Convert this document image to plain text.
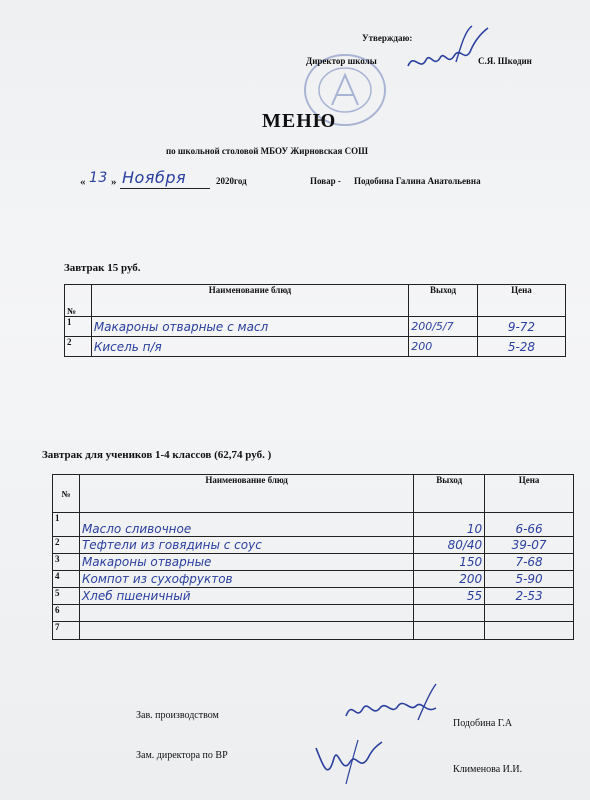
Утверждаю:
Директор школы	С.Я. Шкодин
МЕНЮ
по школьной столовой МБОУ Жирновская СОШ
« 13 » Ноября	2020год	Повар - Подобина Галина Анатольевна
Завтрак 15 руб.
№	Наименование блюд	Выход	Цена
1	Макароны отварные с масл	200/5/7	9-72
2	Кисель п/я	200	5-28
Завтрак для учеников 1-4 классов (62,74 руб. )
№	Наименование блюд	Выход	Цена
1	Масло сливочное	10	6-66
2	Тефтели из говядины с соус	80/40	39-07
3	Макароны отварные	150	7-68
4	Компот из сухофруктов	200	5-90
5	Хлеб пшеничный	55	2-53
6			
7			
Зав. производством
Подобина Г.А
Зам. директора по ВР
Клименова И.И.
